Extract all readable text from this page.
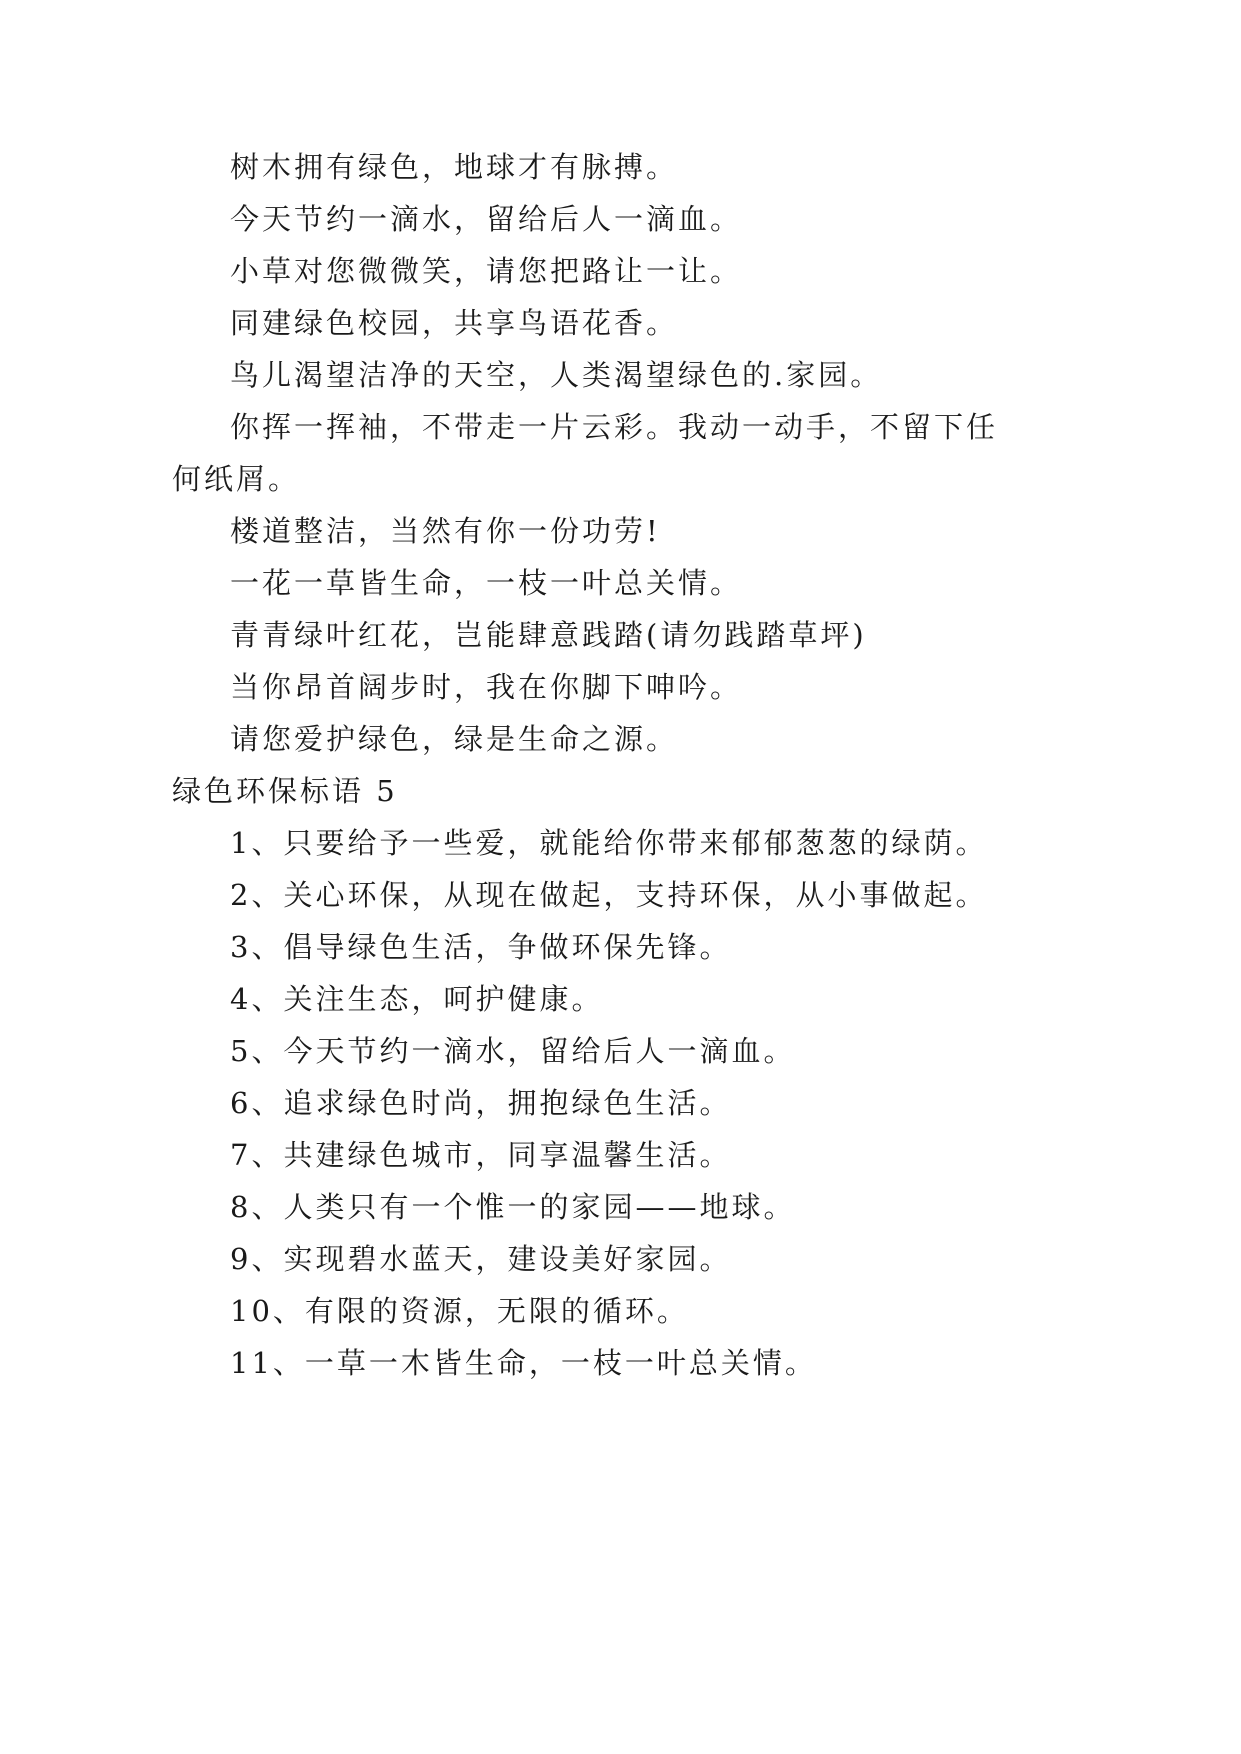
树木拥有绿色，地球才有脉搏。
今天节约一滴水，留给后人一滴血。
小草对您微微笑，请您把路让一让。
同建绿色校园，共享鸟语花香。
鸟儿渴望洁净的天空，人类渴望绿色的.家园。
你挥一挥袖，不带走一片云彩。我动一动手，不留下任
何纸屑。
楼道整洁，当然有你一份功劳!
一花一草皆生命，一枝一叶总关情。
青青绿叶红花，岂能肆意践踏(请勿践踏草坪)
当你昂首阔步时，我在你脚下呻吟。
请您爱护绿色，绿是生命之源。
绿色环保标语 5
1、只要给予一些爱，就能给你带来郁郁葱葱的绿荫。
2、关心环保，从现在做起，支持环保，从小事做起。
3、倡导绿色生活，争做环保先锋。
4、关注生态，呵护健康。
5、今天节约一滴水，留给后人一滴血。
6、追求绿色时尚，拥抱绿色生活。
7、共建绿色城市，同享温馨生活。
8、人类只有一个惟一的家园——地球。
9、实现碧水蓝天，建设美好家园。
10、有限的资源，无限的循环。
11、一草一木皆生命，一枝一叶总关情。
